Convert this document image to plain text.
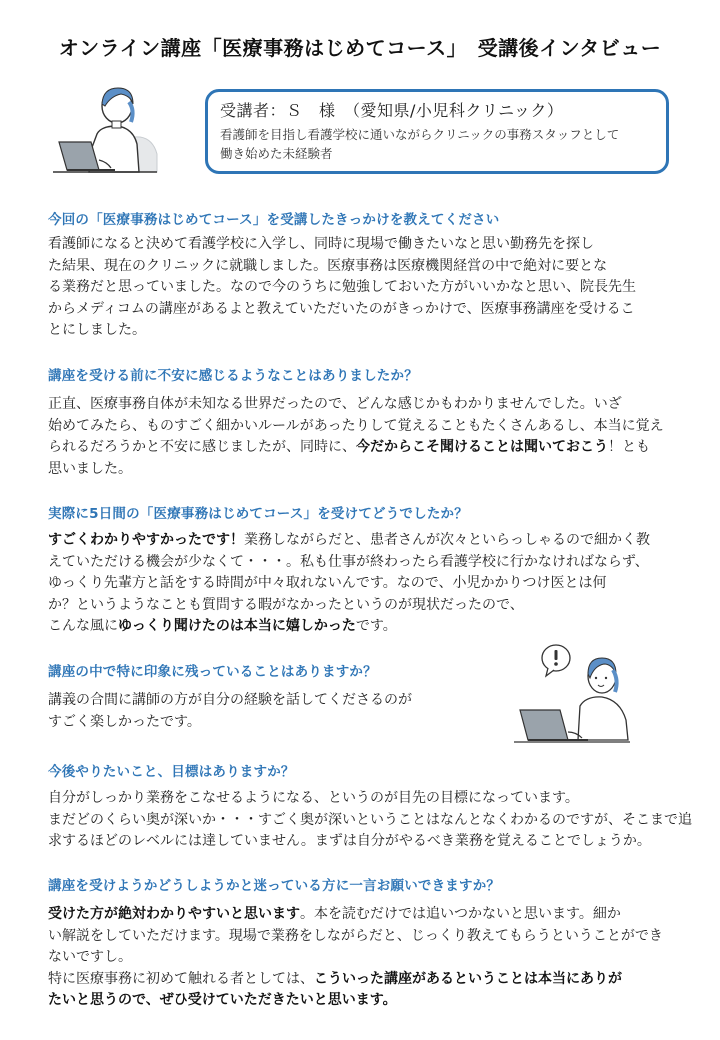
オンライン講座「医療事務はじめてコース」　受講後インタビュー
受講者：Ｓ　様　（愛知県/小児科クリニック）
看護師を目指し看護学校に通いながらクリニックの事務スタッフとして
働き始めた未経験者
今回の「医療事務はじめてコース」を受講したきっかけを教えてください
看護師になると決めて看護学校に入学し、同時に現場で働きたいなと思い勤務先を探し
た結果、現在のクリニックに就職しました。医療事務は医療機関経営の中で絶対に要とな
る業務だと思っていました。なので今のうちに勉強しておいた方がいいかなと思い、院長先生
からメディコムの講座があるよと教えていただいたのがきっかけで、医療事務講座を受けるこ
とにしました。
講座を受ける前に不安に感じるようなことはありましたか？
正直、医療事務自体が未知なる世界だったので、どんな感じかもわかりませんでした。いざ
始めてみたら、ものすごく細かいルールがあったりして覚えることもたくさんあるし、本当に覚え
られるだろうかと不安に感じましたが、同時に、今だからこそ聞けることは聞いておこう！とも
思いました。
実際に5日間の「医療事務はじめてコース」を受けてどうでしたか？
すごくわかりやすかったです！業務しながらだと、患者さんが次々といらっしゃるので細かく教
えていただける機会が少なくて・・・。私も仕事が終わったら看護学校に行かなければならず、
ゆっくり先輩方と話をする時間が中々取れないんです。なので、小児かかりつけ医とは何
か？というようなことも質問する暇がなかったというのが現状だったので、
こんな風にゆっくり聞けたのは本当に嬉しかったです。
講座の中で特に印象に残っていることはありますか？
講義の合間に講師の方が自分の経験を話してくださるのが
すごく楽しかったです。
今後やりたいこと、目標はありますか？
自分がしっかり業務をこなせるようになる、というのが目先の目標になっています。
まだどのくらい奥が深いか・・・すごく奥が深いということはなんとなくわかるのですが、そこまで追
求するほどのレベルには達していません。まずは自分がやるべき業務を覚えることでしょうか。
講座を受けようかどうしようかと迷っている方に一言お願いできますか？
受けた方が絶対わかりやすいと思います。本を読むだけでは追いつかないと思います。細か
い解説をしていただけます。現場で業務をしながらだと、じっくり教えてもらうということができ
ないですし。
特に医療事務に初めて触れる者としては、こういった講座があるということは本当にありが
たいと思うので、ぜひ受けていただきたいと思います。
